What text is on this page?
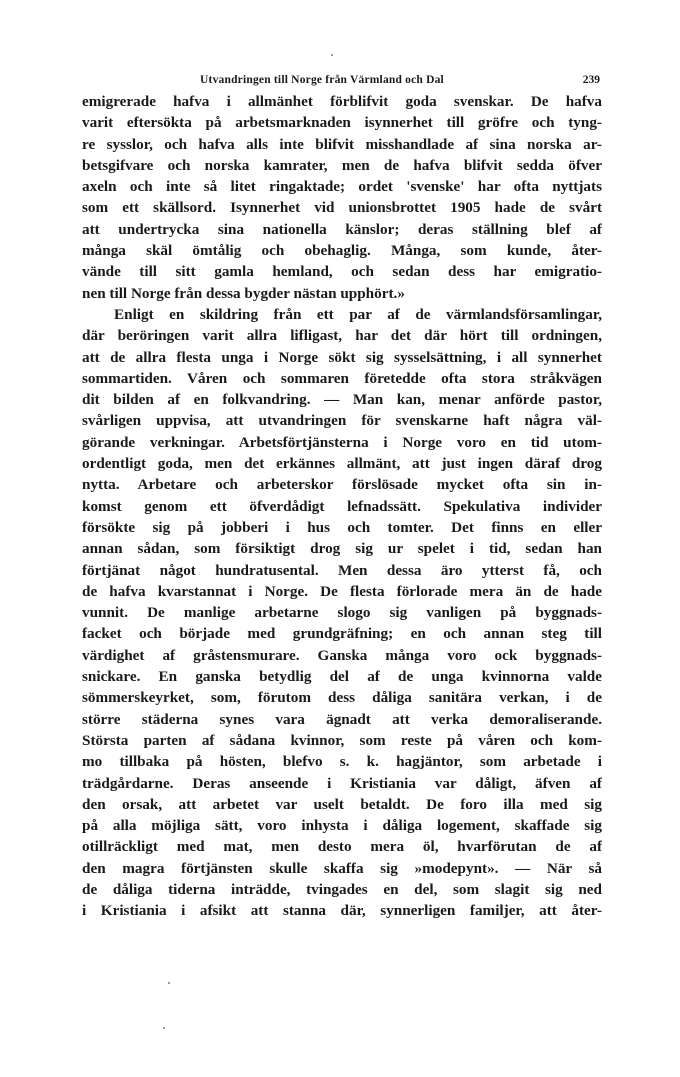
Utvandringen till Norge från Värmland och Dal	239
emigrerade hafva i allmänhet förblifvit goda svenskar. De hafva
varit eftersökta på arbetsmarknaden isynnerhet till gröfre och tyng-
re sysslor, och hafva alls inte blifvit misshandlade af sina norska ar-
betsgifvare och norska kamrater, men de hafva blifvit sedda öfver
axeln och inte så litet ringaktade; ordet 'svenske' har ofta nyttjats
som ett skällsord. Isynnerhet vid unionsbrottet 1905 hade de svårt
att undertrycka sina nationella känslor; deras ställning blef af
många skäl ömtålig och obehaglig. Många, som kunde, åter-
vände till sitt gamla hemland, och sedan dess har emigratio-
nen till Norge från dessa bygder nästan upphört.»
Enligt en skildring från ett par af de värmlandsförsamlingar,
där beröringen varit allra lifligast, har det där hört till ordningen,
att de allra flesta unga i Norge sökt sig sysselsättning, i all synnerhet
sommartiden. Våren och sommaren företedde ofta stora stråkvägen
dit bilden af en folkvandring. — Man kan, menar anförde pastor,
svårligen uppvisa, att utvandringen för svenskarne haft några väl-
görande verkningar. Arbetsförtjänsterna i Norge voro en tid utom-
ordentligt goda, men det erkännes allmänt, att just ingen däraf drog
nytta. Arbetare och arbeterskor förslösade mycket ofta sin in-
komst genom ett öfverdådigt lefnadssätt. Spekulativa individer
försökte sig på jobberi i hus och tomter. Det finns en eller
annan sådan, som försiktigt drog sig ur spelet i tid, sedan han
förtjänat något hundratusental. Men dessa äro ytterst få, och
de hafva kvarstannat i Norge. De flesta förlorade mera än de hade
vunnit. De manlige arbetarne slogo sig vanligen på byggnads-
facket och började med grundgräfning; en och annan steg till
värdighet af gråstensmurare. Ganska många voro ock byggnads-
snickare. En ganska betydlig del af de unga kvinnorna valde
sömmerskeyrket, som, förutom dess dåliga sanitära verkan, i de
större städerna synes vara ägnadt att verka demoraliserande.
Största parten af sådana kvinnor, som reste på våren och kom-
mo tillbaka på hösten, blefvo s. k. hagjäntor, som arbetade i
trädgårdarne. Deras anseende i Kristiania var dåligt, äfven af
den orsak, att arbetet var uselt betaldt. De foro illa med sig
på alla möjliga sätt, voro inhysta i dåliga logement, skaffade sig
otillräckligt med mat, men desto mera öl, hvarförutan de af
den magra förtjänsten skulle skaffa sig »modepynt». — När så
de dåliga tiderna inträdde, tvingades en del, som slagit sig ned
i Kristiania i afsikt att stanna där, synnerligen familjer, att åter-
